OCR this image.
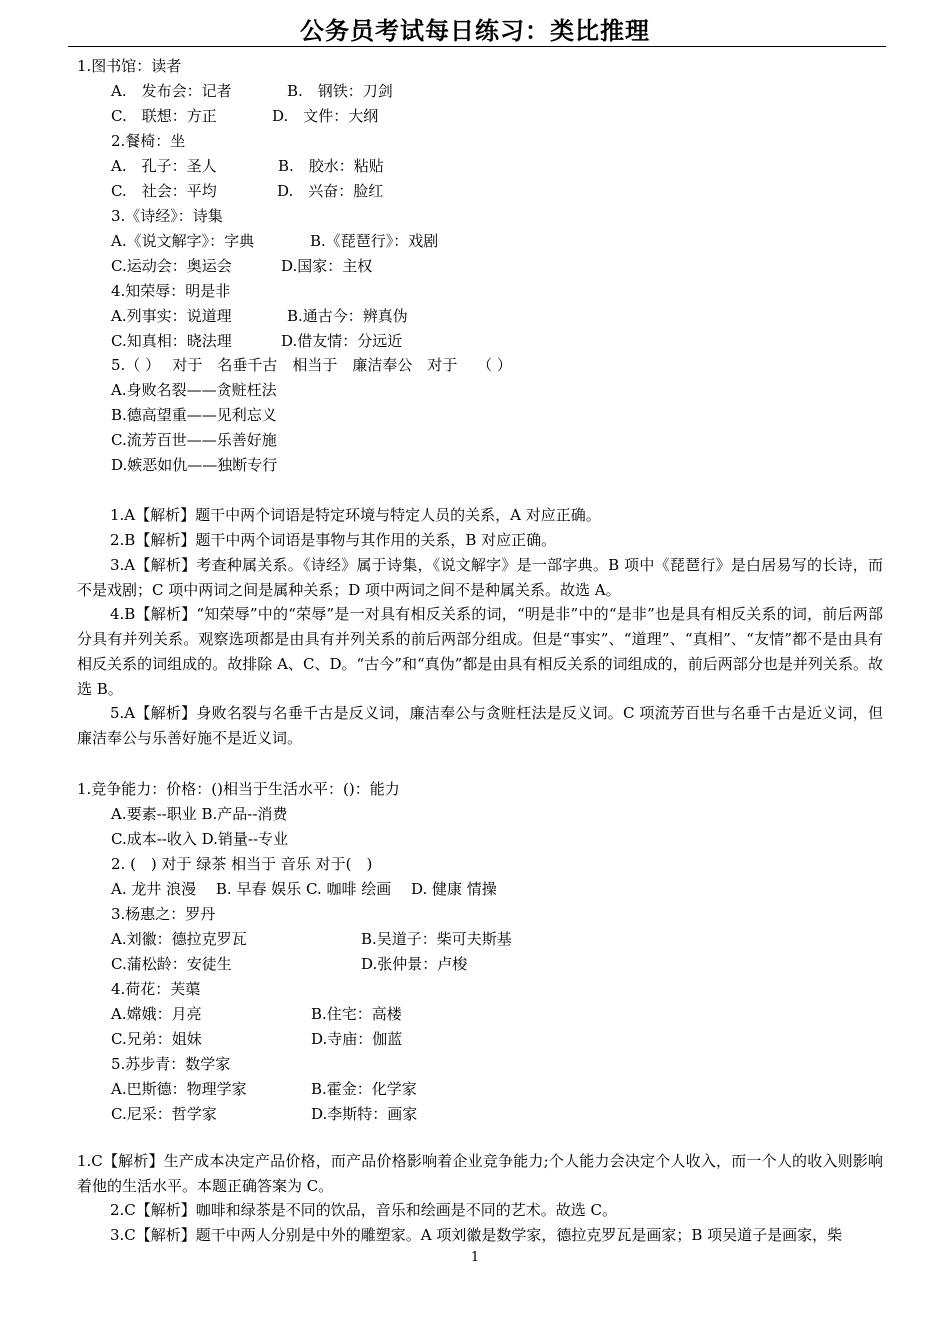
公务员考试每日练习：类比推理
1.图书馆：读者
A.　发布会：记者	B.　钢铁：刀剑
C.　联想：方正	D.　文件：大纲
2.餐椅：坐
A.　孔子：圣人	B.　胶水：粘贴
C.　社会：平均	D.　兴奋：脸红
3.《诗经》：诗集
A.《说文解字》：字典	B.《琵琶行》：戏剧
C.运动会：奥运会	D.国家：主权
4.知荣辱：明是非
A.列事实：说道理	B.通古今：辨真伪
C.知真相：晓法理	D.借友情：分远近
5.（ ）　 对于　名垂千古　相当于　廉洁奉公　对于　 （ ）
A.身败名裂——贪赃枉法
B.德高望重——见利忘义
C.流芳百世——乐善好施
D.嫉恶如仇——独断专行
1.竞争能力：价格：()相当于生活水平：()：能力
A.要素--职业 B.产品--消费
C.成本--收入 D.销量--专业
2. (　) 对于 绿茶 相当于 音乐 对于(　)
A. 龙井 浪漫　 B. 早春 娱乐 C. 咖啡 绘画　 D. 健康 情操
3.杨惠之：罗丹
A.刘徽：德拉克罗瓦	B.吴道子：柴可夫斯基
C.蒲松龄：安徒生	D.张仲景：卢梭
4.荷花：芙蕖
A.嫦娥：月亮	B.住宅：高楼
C.兄弟：姐妹	D.寺庙：伽蓝
5.苏步青：数学家
A.巴斯德：物理学家	B.霍金：化学家
C.尼采：哲学家	D.李斯特：画家

1.A【解析】题干中两个词语是特定环境与特定人员的关系，A 对应正确。

2.B【解析】题干中两个词语是事物与其作用的关系，B 对应正确。

3.A【解析】考查种属关系。《诗经》属于诗集，《说文解字》是一部字典。B 项中《琵琶行》是白居易写的长诗，而不是戏剧；C 项中两词之间是属种关系；D 项中两词之间不是种属关系。故选 A。

4.B【解析】“知荣辱”中的“荣辱”是一对具有相反关系的词，“明是非”中的“是非”也是具有相反关系的词，前后两部分具有并列关系。观察选项都是由具有并列关系的前后两部分组成。但是“事实”、“道理”、“真相”、“友情”都不是由具有相反关系的词组成的。故排除 A、C、D。“古今”和“真伪”都是由具有相反关系的词组成的，前后两部分也是并列关系。故选 B。

5.A【解析】身败名裂与名垂千古是反义词，廉洁奉公与贪赃枉法是反义词。C 项流芳百世与名垂千古是近义词，但廉洁奉公与乐善好施不是近义词。

1.C【解析】生产成本决定产品价格，而产品价格影响着企业竞争能力;个人能力会决定个人收入，而一个人的收入则影响着他的生活水平。本题正确答案为 C。

2.C【解析】咖啡和绿茶是不同的饮品，音乐和绘画是不同的艺术。故选 C。

3.C【解析】题干中两人分别是中外的雕塑家。A 项刘徽是数学家，德拉克罗瓦是画家；B 项吴道子是画家，柴

1
